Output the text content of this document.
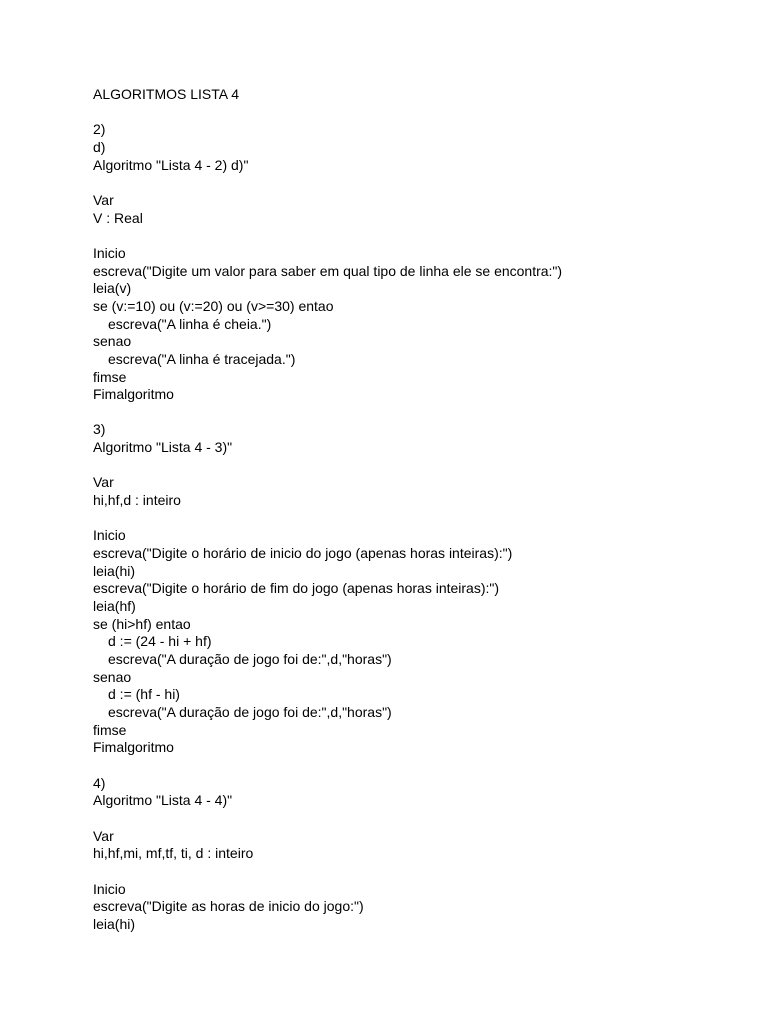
ALGORITMOS LISTA 4
2)
d)
Algoritmo "Lista 4 - 2) d)"
Var
V : Real
Inicio
escreva("Digite um valor para saber em qual tipo de linha ele se encontra:")
leia(v)
se (v:=10) ou (v:=20) ou (v>=30) entao
escreva("A linha é cheia.")
senao
escreva("A linha é tracejada.")
fimse
Fimalgoritmo
3)
Algoritmo "Lista 4 - 3)"
Var
hi,hf,d : inteiro
Inicio
escreva("Digite o horário de inicio do jogo (apenas horas inteiras):")
leia(hi)
escreva("Digite o horário de fim do jogo (apenas horas inteiras):")
leia(hf)
se (hi>hf) entao
d := (24 - hi + hf)
escreva("A duração de jogo foi de:",d,"horas")
senao
d := (hf - hi)
escreva("A duração de jogo foi de:",d,"horas")
fimse
Fimalgoritmo
4)
Algoritmo "Lista 4 - 4)"
Var
hi,hf,mi, mf,tf, ti, d : inteiro
Inicio
escreva("Digite as horas de inicio do jogo:")
leia(hi)
